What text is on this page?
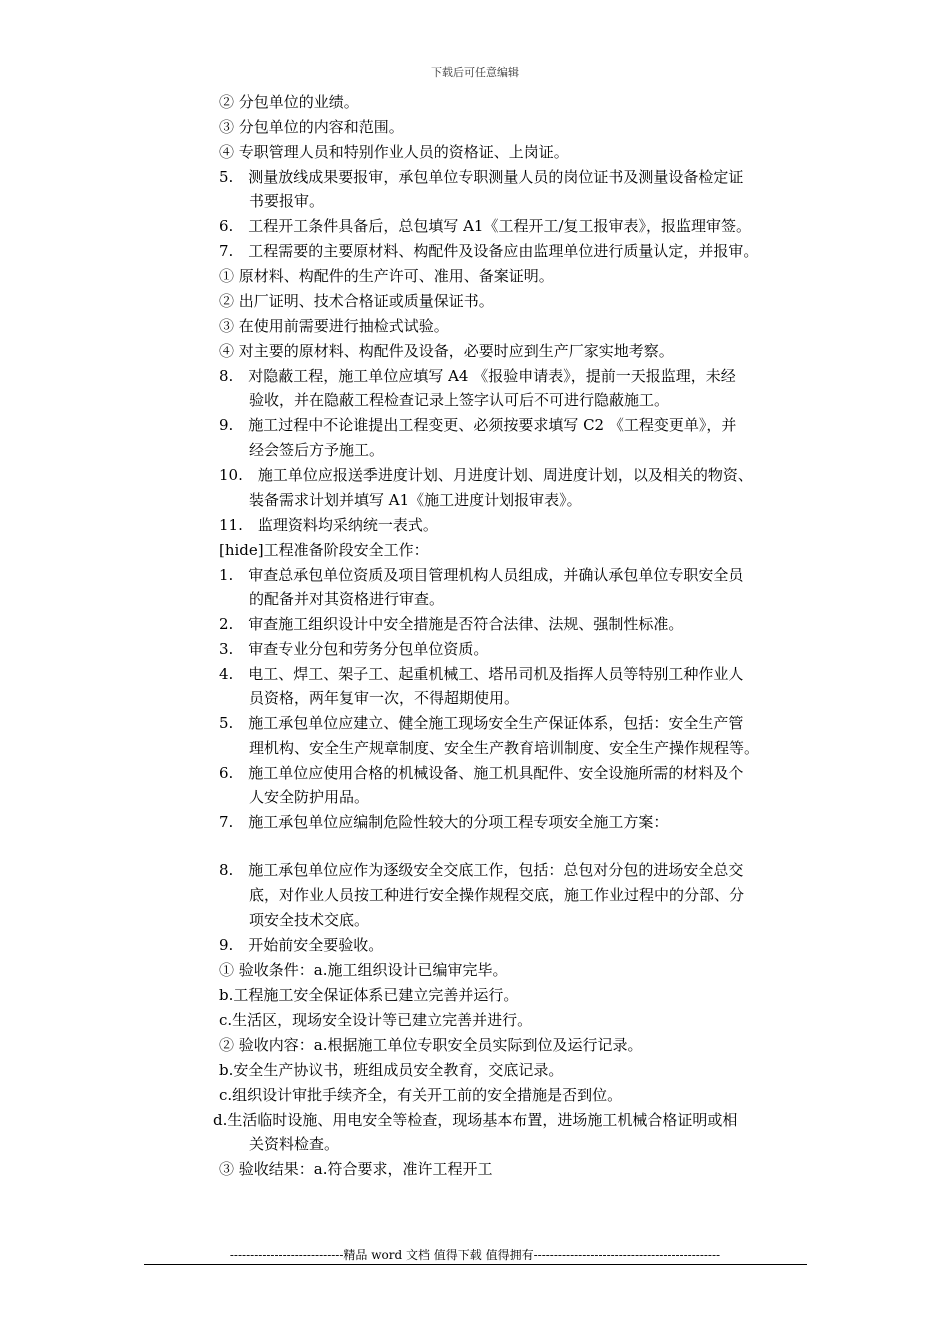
下载后可任意编辑
② 分包单位的业绩。
③ 分包单位的内容和范围。
④ 专职管理人员和特别作业人员的资格证、上岗证。
5.　测量放线成果要报审，承包单位专职测量人员的岗位证书及测量设备检定证
书要报审。
6.　工程开工条件具备后，总包填写 A1《工程开工/复工报审表》，报监理审签。
7.　工程需要的主要原材料、构配件及设备应由监理单位进行质量认定，并报审。
① 原材料、构配件的生产许可、准用、备案证明。
② 出厂证明、技术合格证或质量保证书。
③ 在使用前需要进行抽检式试验。
④ 对主要的原材料、构配件及设备，必要时应到生产厂家实地考察。
8.　对隐蔽工程，施工单位应填写 A4 《报验申请表》，提前一天报监理，未经
验收，并在隐蔽工程检查记录上签字认可后不可进行隐蔽施工。
9.　施工过程中不论谁提出工程变更、必须按要求填写 C2 《工程变更单》，并
经会签后方予施工。
10.　施工单位应报送季进度计划、月进度计划、周进度计划，以及相关的物资、
装备需求计划并填写 A1《施工进度计划报审表》。
11.　监理资料均采纳统一表式。
[hide]工程准备阶段安全工作：
1.　审查总承包单位资质及项目管理机构人员组成，并确认承包单位专职安全员
的配备并对其资格进行审查。
2.　审查施工组织设计中安全措施是否符合法律、法规、强制性标准。
3.　审查专业分包和劳务分包单位资质。
4.　电工、焊工、架子工、起重机械工、塔吊司机及指挥人员等特别工种作业人
员资格，两年复审一次，不得超期使用。
5.　施工承包单位应建立、健全施工现场安全生产保证体系，包括：安全生产管
理机构、安全生产规章制度、安全生产教育培训制度、安全生产操作规程等。
6.　施工单位应使用合格的机械设备、施工机具配件、安全设施所需的材料及个
人安全防护用品。
7.　施工承包单位应编制危险性较大的分项工程专项安全施工方案：
8.　施工承包单位应作为逐级安全交底工作，包括：总包对分包的进场安全总交
底，对作业人员按工种进行安全操作规程交底，施工作业过程中的分部、分
项安全技术交底。
9.　开始前安全要验收。
① 验收条件：a.施工组织设计已编审完毕。
b.工程施工安全保证体系已建立完善并运行。
c.生活区，现场安全设计等已建立完善并进行。
② 验收内容：a.根据施工单位专职安全员实际到位及运行记录。
b.安全生产协议书，班组成员安全教育，交底记录。
c.组织设计审批手续齐全，有关开工前的安全措施是否到位。
d.生活临时设施、用电安全等检查，现场基本布置，进场施工机械合格证明或相
关资料检查。
③ 验收结果：a.符合要求，准许工程开工
----------------------------精品 word 文档 值得下载 值得拥有----------------------------------------------
